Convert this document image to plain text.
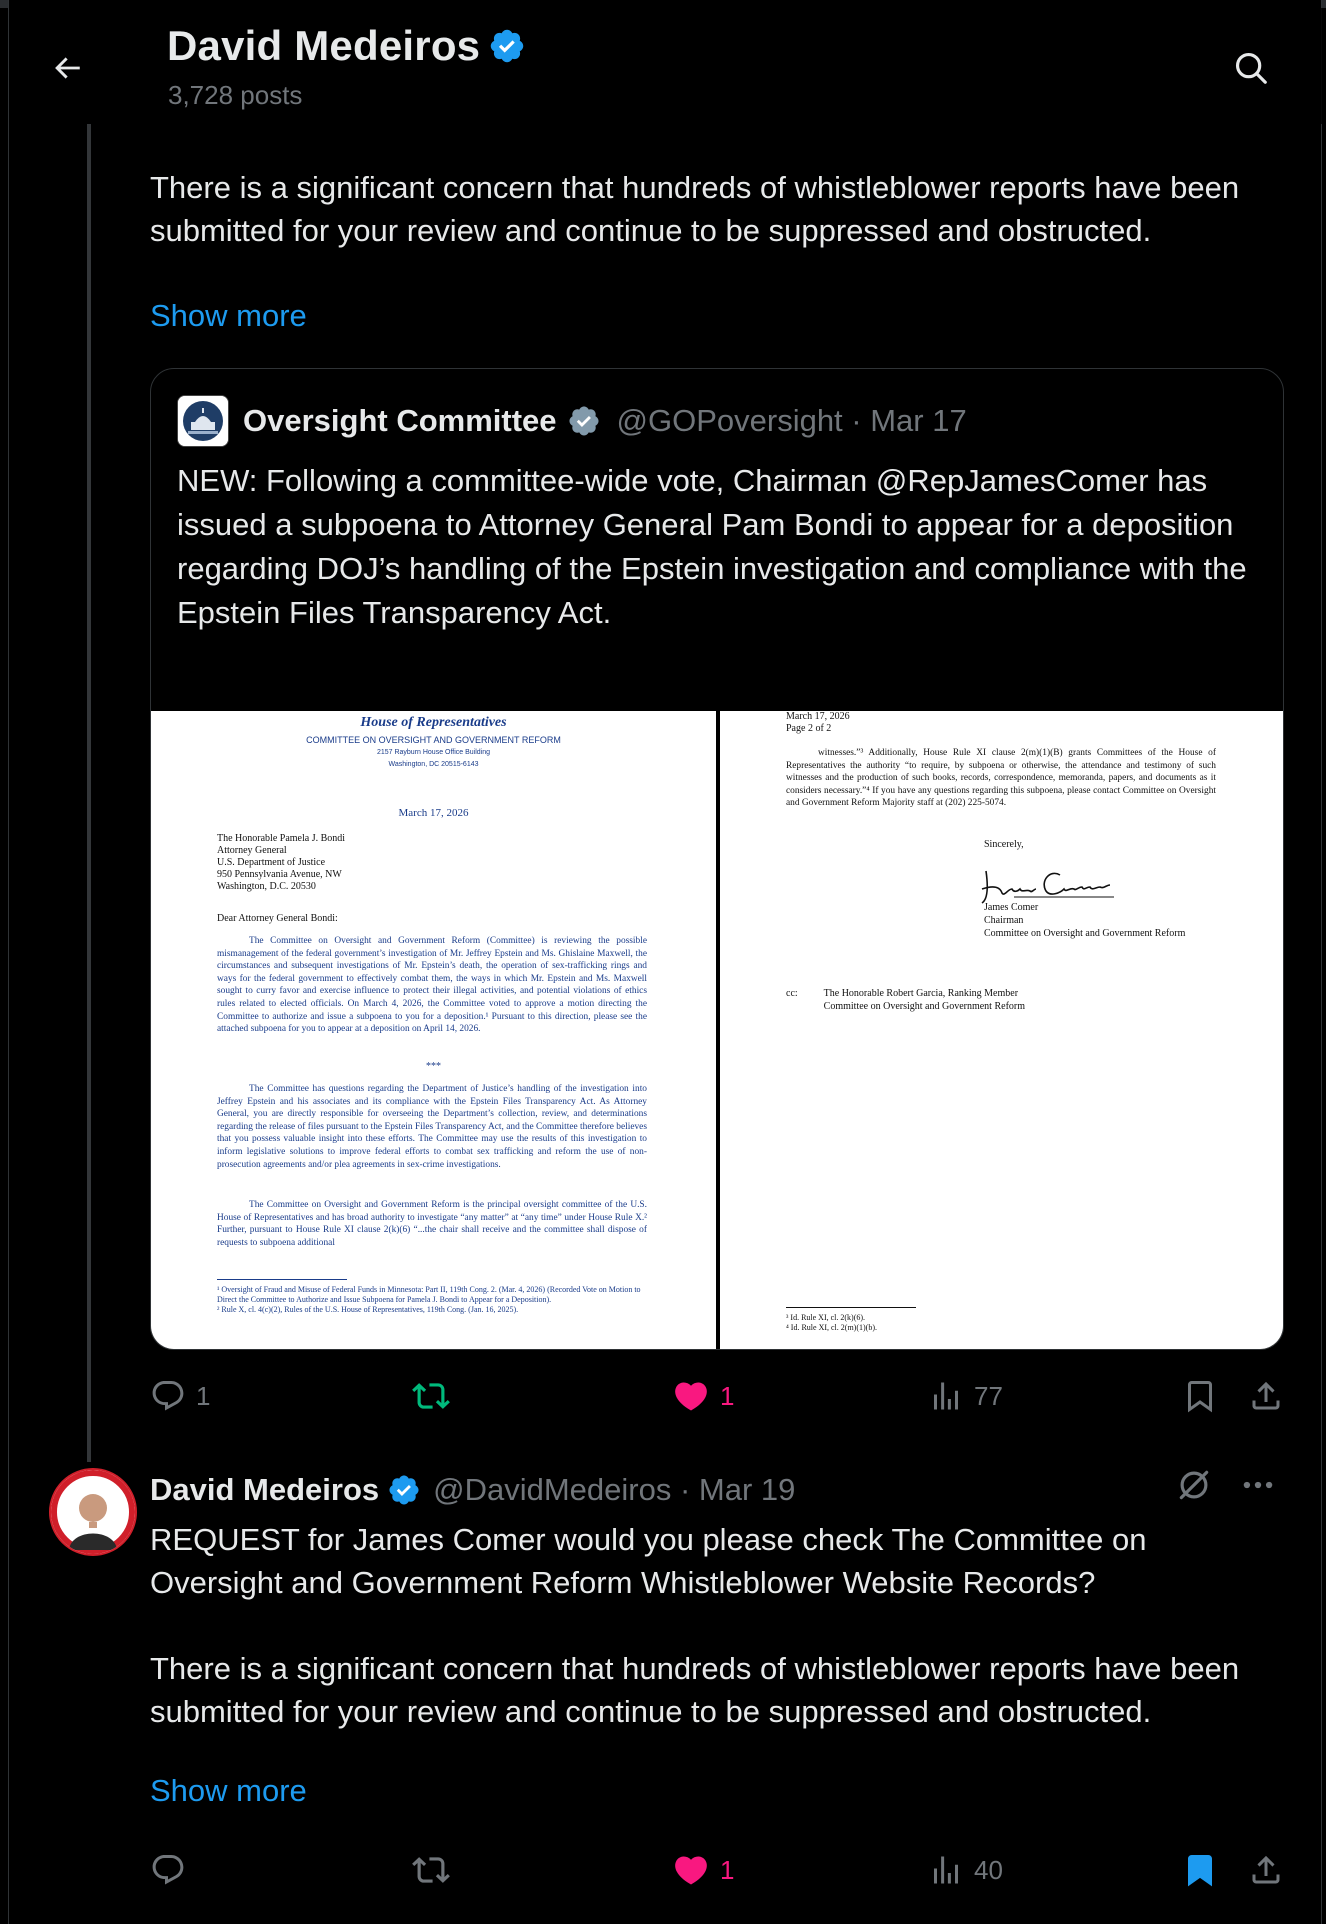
David Medeiros
3,728 posts
There is a significant concern that hundreds of whistleblower reports have been submitted for your review and continue to be suppressed and obstructed.
Show more
Oversight Committee @GOPoversight · Mar 17
NEW: Following a committee-wide vote, Chairman @RepJamesComer has issued a subpoena to Attorney General Pam Bondi to appear for a deposition regarding DOJ’s handling of the Epstein investigation and compliance with the Epstein Files Transparency Act.
House of Representatives
COMMITTEE ON OVERSIGHT AND GOVERNMENT REFORM
2157 Rayburn House Office Building
Washington, DC 20515-6143
March 17, 2026
The Honorable Pamela J. Bondi
Attorney General
U.S. Department of Justice
950 Pennsylvania Avenue, NW
Washington, D.C. 20530
Dear Attorney General Bondi:
The Committee on Oversight and Government Reform (Committee) is reviewing the possible mismanagement of the federal government’s investigation of Mr. Jeffrey Epstein and Ms. Ghislaine Maxwell, the circumstances and subsequent investigations of Mr. Epstein’s death, the operation of sex-trafficking rings and ways for the federal government to effectively combat them, the ways in which Mr. Epstein and Ms. Maxwell sought to curry favor and exercise influence to protect their illegal activities, and potential violations of ethics rules related to elected officials. On March 4, 2026, the Committee voted to approve a motion directing the Committee to authorize and issue a subpoena to you for a deposition.¹ Pursuant to this direction, please see the attached subpoena for you to appear at a deposition on April 14, 2026.
***
The Committee has questions regarding the Department of Justice’s handling of the investigation into Jeffrey Epstein and his associates and its compliance with the Epstein Files Transparency Act. As Attorney General, you are directly responsible for overseeing the Department’s collection, review, and determinations regarding the release of files pursuant to the Epstein Files Transparency Act, and the Committee therefore believes that you possess valuable insight into these efforts. The Committee may use the results of this investigation to inform legislative solutions to improve federal efforts to combat sex trafficking and reform the use of non-prosecution agreements and/or plea agreements in sex-crime investigations.
The Committee on Oversight and Government Reform is the principal oversight committee of the U.S. House of Representatives and has broad authority to investigate “any matter” at “any time” under House Rule X.² Further, pursuant to House Rule XI clause 2(k)(6) “...the chair shall receive and the committee shall dispose of requests to subpoena additional
¹ Oversight of Fraud and Misuse of Federal Funds in Minnesota: Part II, 119th Cong. 2. (Mar. 4, 2026) (Recorded Vote on Motion to Direct the Committee to Authorize and Issue Subpoena for Pamela J. Bondi to Appear for a Deposition).
² Rule X, cl. 4(c)(2), Rules of the U.S. House of Representatives, 119th Cong. (Jan. 16, 2025).
March 17, 2026
Page 2 of 2
witnesses.”³ Additionally, House Rule XI clause 2(m)(1)(B) grants Committees of the House of Representatives the authority “to require, by subpoena or otherwise, the attendance and testimony of such witnesses and the production of such books, records, correspondence, memoranda, papers, and documents as it considers necessary.”⁴ If you have any questions regarding this subpoena, please contact Committee on Oversight and Government Reform Majority staff at (202) 225-5074.
Sincerely,
James Comer
Chairman
Committee on Oversight and Government Reform
cc:	The Honorable Robert Garcia, Ranking Member
Committee on Oversight and Government Reform
³ Id. Rule XI, cl. 2(k)(6).
⁴ Id. Rule XI, cl. 2(m)(1)(b).
1	1	77
David Medeiros @DavidMedeiros · Mar 19
REQUEST for James Comer would you please check The Committee on Oversight and Government Reform Whistleblower Website Records?

There is a significant concern that hundreds of whistleblower reports have been submitted for your review and continue to be suppressed and obstructed.
Show more
1	40
